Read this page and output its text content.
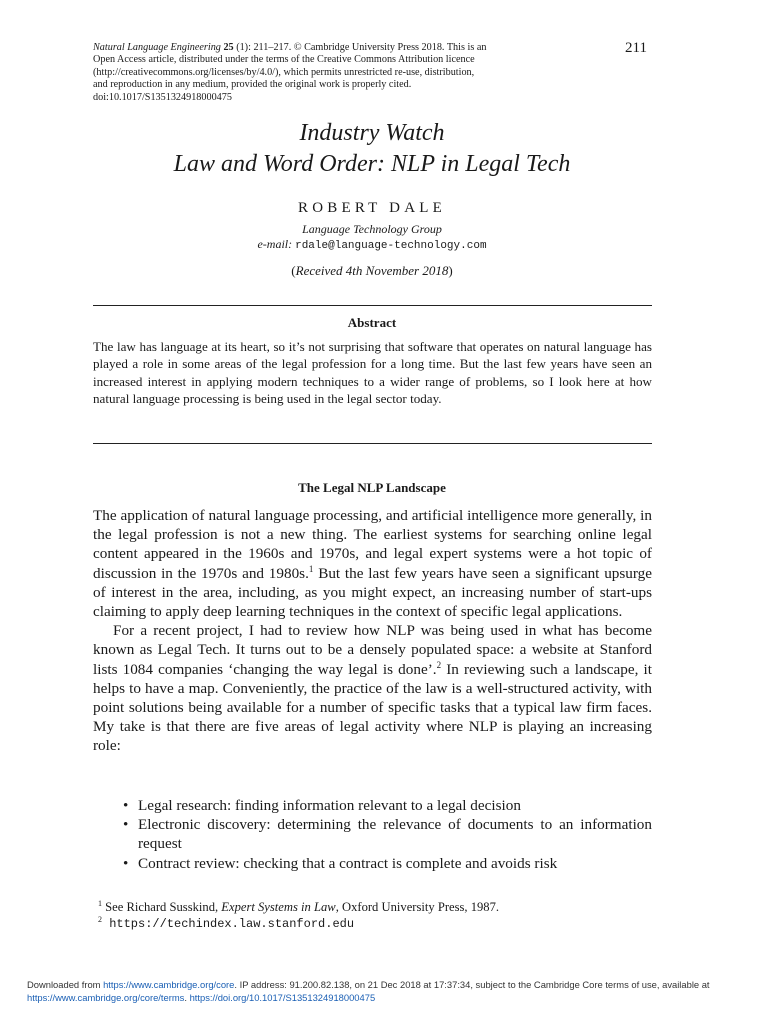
Natural Language Engineering 25 (1): 211–217. © Cambridge University Press 2018. This is an
Open Access article, distributed under the terms of the Creative Commons Attribution licence
(http://creativecommons.org/licenses/by/4.0/), which permits unrestricted re-use, distribution,
and reproduction in any medium, provided the original work is properly cited.
doi:10.1017/S1351324918000475
211
Industry Watch
Law and Word Order: NLP in Legal Tech
ROBERT DALE
Language Technology Group
e-mail: rdale@language-technology.com
(Received 4th November 2018)
Abstract
The law has language at its heart, so it’s not surprising that software that operates on natural language has played a role in some areas of the legal profession for a long time. But the last few years have seen an increased interest in applying modern techniques to a wider range of problems, so I look here at how natural language processing is being used in the legal sector today.
The Legal NLP Landscape

The application of natural language processing, and artificial intelligence more generally, in the legal profession is not a new thing. The earliest systems for searching online legal content appeared in the 1960s and 1970s, and legal expert systems were a hot topic of discussion in the 1970s and 1980s.$^1$ But the last few years have seen a significant upsurge of interest in the area, including, as you might expect, an increasing number of start-ups claiming to apply deep learning techniques in the context of specific legal applications.

For a recent project, I had to review how NLP was being used in what has become known as Legal Tech. It turns out to be a densely populated space: a website at Stanford lists 1084 companies ‘changing the way legal is done’.$^2$ In reviewing such a landscape, it helps to have a map. Conveniently, the practice of the law is a well-structured activity, with point solutions being available for a number of specific tasks that a typical law firm faces. My take is that there are five areas of legal activity where NLP is playing an increasing role:

• Legal research: finding information relevant to a legal decision
• Electronic discovery: determining the relevance of documents to an information request
• Contract review: checking that a contract is complete and avoids risk
$^1$ See Richard Susskind, Expert Systems in Law, Oxford University Press, 1987.
$^2$ https://techindex.law.stanford.edu
Downloaded from https://www.cambridge.org/core. IP address: 91.200.82.138, on 21 Dec 2018 at 17:37:34, subject to the Cambridge Core terms of use, available at
https://www.cambridge.org/core/terms. https://doi.org/10.1017/S1351324918000475
